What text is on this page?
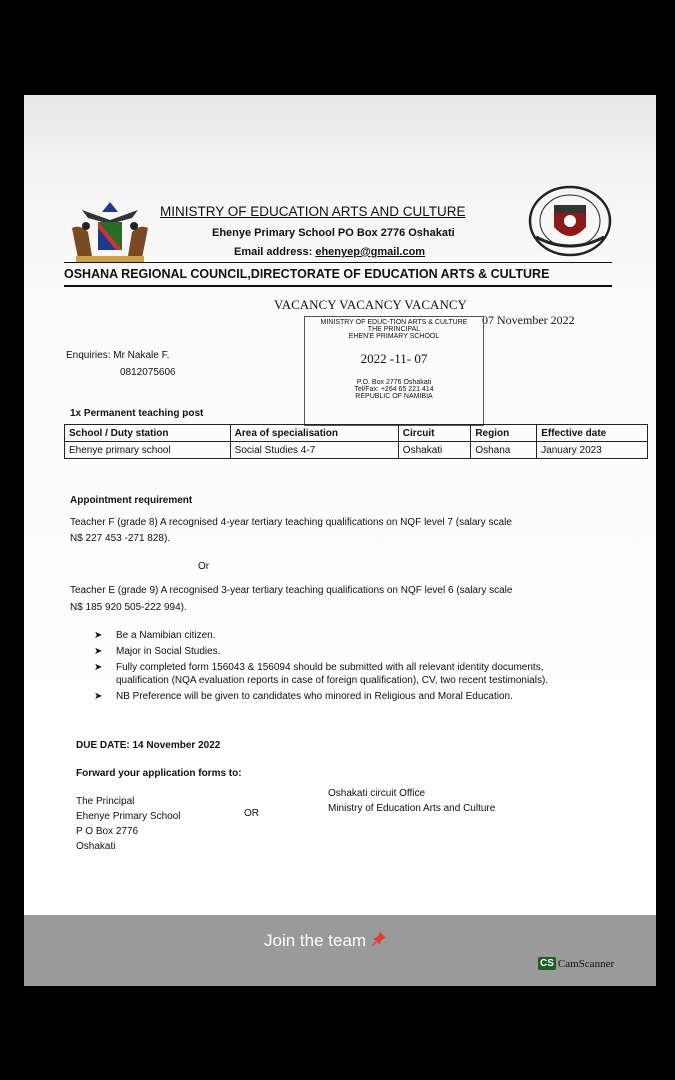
MINISTRY OF EDUCATION ARTS AND CULTURE
Ehenye Primary School PO Box 2776 Oshakati
Email address: ehenyep@gmail.com
OSHANA REGIONAL COUNCIL,DIRECTORATE OF EDUCATION ARTS & CULTURE
VACANCY VACANCY VACANCY
07 November 2022
MINISTRY OF EDUC-TION ARTS & CULTURE
THE PRINCIPAL
EHEN'E PRIMARY SCHOOL
2022 -11- 07
P.O. Box 2776 Oshakati
Tel/Fax: +264 65 221 414
REPUBLIC OF NAMIBIA
Enquiries: Mr Nakale F.
0812075606
1x Permanent teaching post
School / Duty station	Area of specialisation	Circuit	Region	Effective date
Ehenye primary school	Social Studies 4-7	Oshakati	Oshana	January 2023
Appointment requirement
Teacher F (grade 8) A recognised 4-year tertiary teaching qualifications on NQF level 7 (salary scale
N$ 227 453 -271 828).
Or
Teacher E (grade 9) A recognised 3-year tertiary teaching qualifications on NQF level 6 (salary scale
N$ 185 920 505-222 994).
➤ Be a Namibian citizen.
➤ Major in Social Studies.
➤ Fully completed form 156043 & 156094 should be submitted with all relevant identity documents, qualification (NQA evaluation reports in case of foreign qualification), CV, two recent testimonials).
➤ NB Preference will be given to candidates who minored in Religious and Moral Education.
DUE DATE: 14 November 2022
Forward your application forms to:
The Principal
Ehenye Primary School
P O Box 2776
Oshakati
OR
Oshakati circuit Office
Ministry of Education Arts and Culture
Join the team
CS CamScanner
